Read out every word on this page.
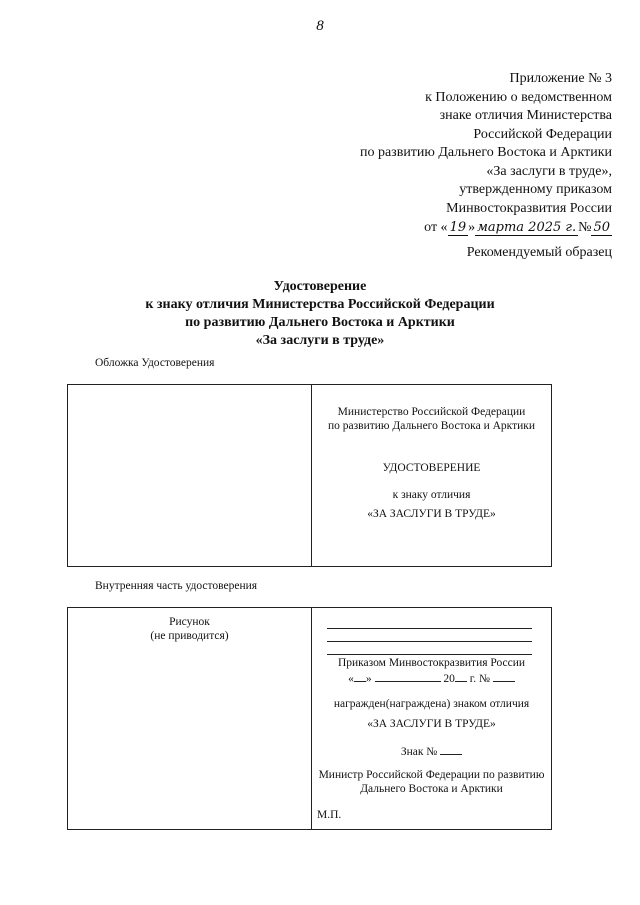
8
Приложение № 3
к Положению о ведомственном
знаке отличия Министерства
Российской Федерации
по развитию Дальнего Востока и Арктики
«За заслуги в труде»,
утвержденному приказом
Минвостокразвития России
от « 19 » марта 2025 г. № 50
Рекомендуемый образец
Удостоверение
к знаку отличия Министерства Российской Федерации
по развитию Дальнего Востока и Арктики
«За заслуги в труде»
Обложка Удостоверения
Министерство Российской Федерации
по развитию Дальнего Востока и Арктики
УДОСТОВЕРЕНИЕ
к знаку отличия
«ЗА ЗАСЛУГИ В ТРУДЕ»
Внутренняя часть удостоверения
Рисунок
(не приводится)
Приказом Минвостокразвития России
« »	20 г. №
награжден(награждена) знаком отличия
«ЗА ЗАСЛУГИ В ТРУДЕ»
Знак №
Министр Российской Федерации по развитию
Дальнего Востока и Арктики
М.П.
